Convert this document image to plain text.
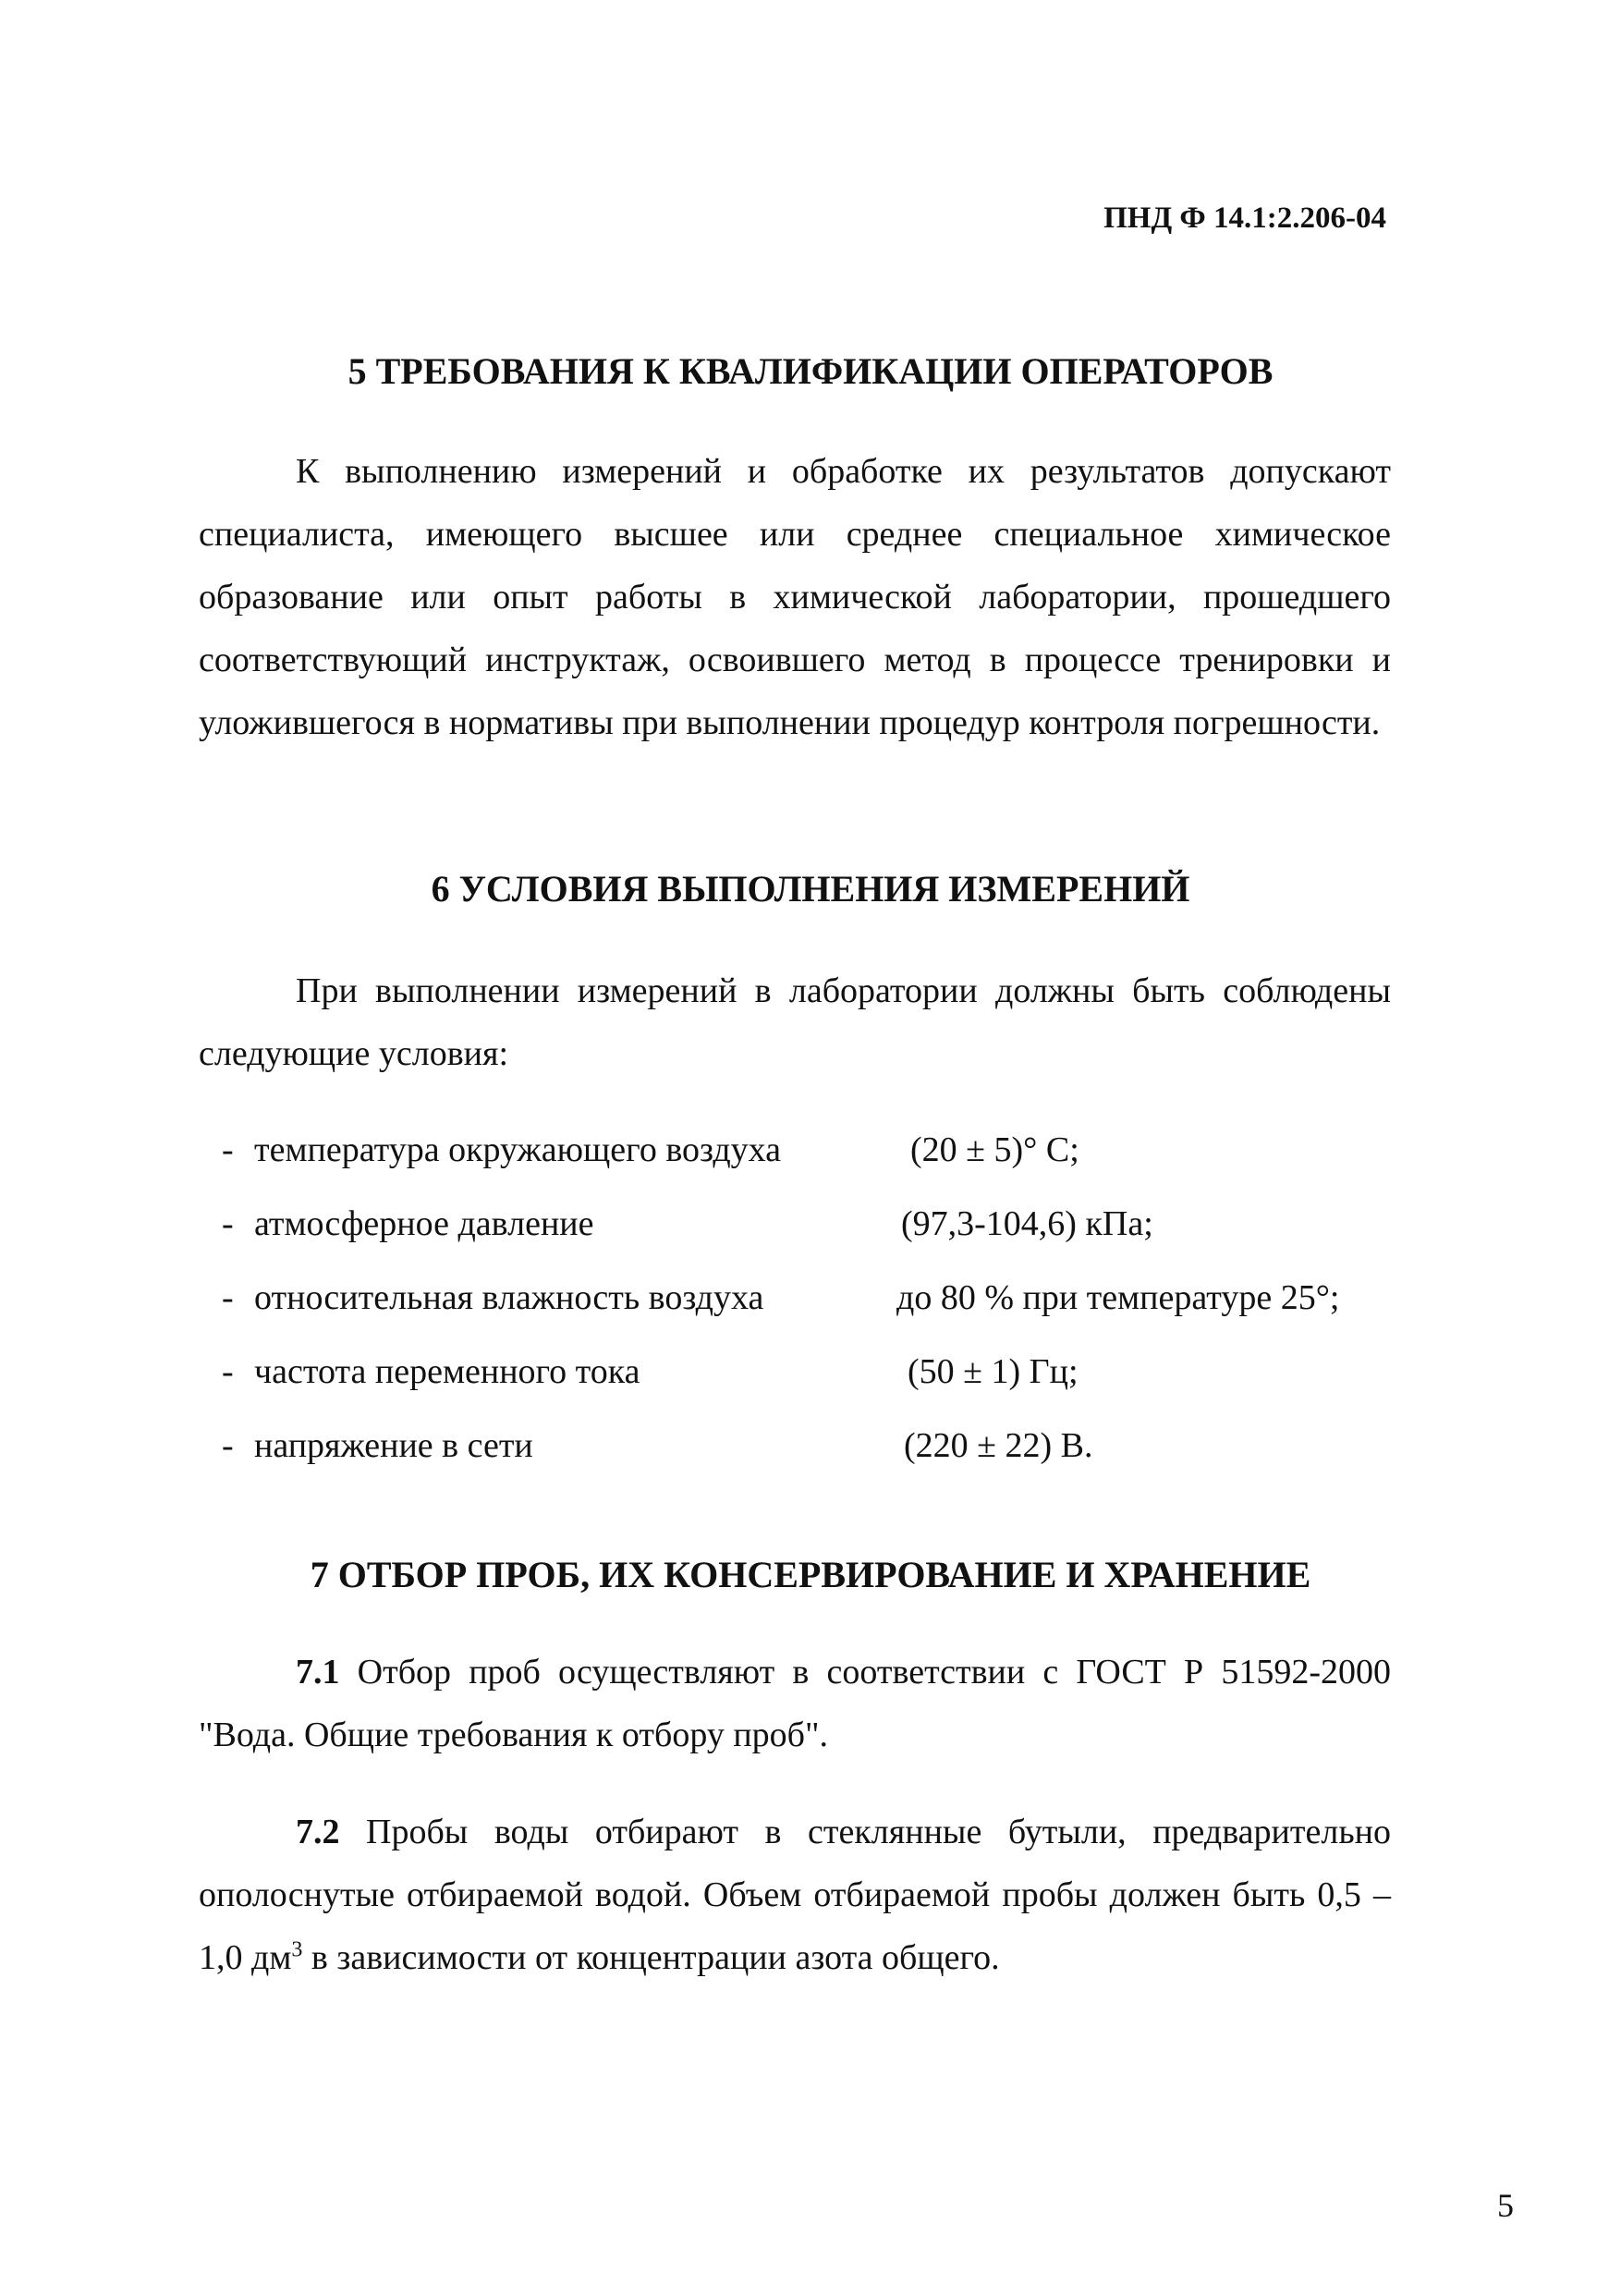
ПНД Ф 14.1:2.206-04
5 ТРЕБОВАНИЯ К КВАЛИФИКАЦИИ ОПЕРАТОРОВ

К выполнению измерений и обработке их результатов допускают специалиста, имеющего высшее или среднее специальное химическое образование или опыт работы в химической лаборатории, прошедшего соответствующий инструктаж, освоившего метод в процессе тренировки и уложившегося в нормативы при выполнении процедур контроля погрешности.

6 УСЛОВИЯ ВЫПОЛНЕНИЯ ИЗМЕРЕНИЙ

При выполнении измерений в лаборатории должны быть соблюдены следующие условия:

- температура окружающего воздуха	(20 ± 5)° С;
- атмосферное давление	(97,3-104,6) кПа;
- относительная влажность воздуха	до 80 % при температуре 25°;
- частота переменного тока	(50 ± 1) Гц;
- напряжение в сети	(220 ± 22) В.
7 ОТБОР ПРОБ, ИХ КОНСЕРВИРОВАНИЕ И ХРАНЕНИЕ

7.1 Отбор проб осуществляют в соответствии с ГОСТ Р 51592-2000 "Вода. Общие требования к отбору проб".

7.2 Пробы воды отбирают в стеклянные бутыли, предварительно ополоснутые отбираемой водой. Объем отбираемой пробы должен быть 0,5 – 1,0 $дм^3$ в зависимости от концентрации азота общего.

5
